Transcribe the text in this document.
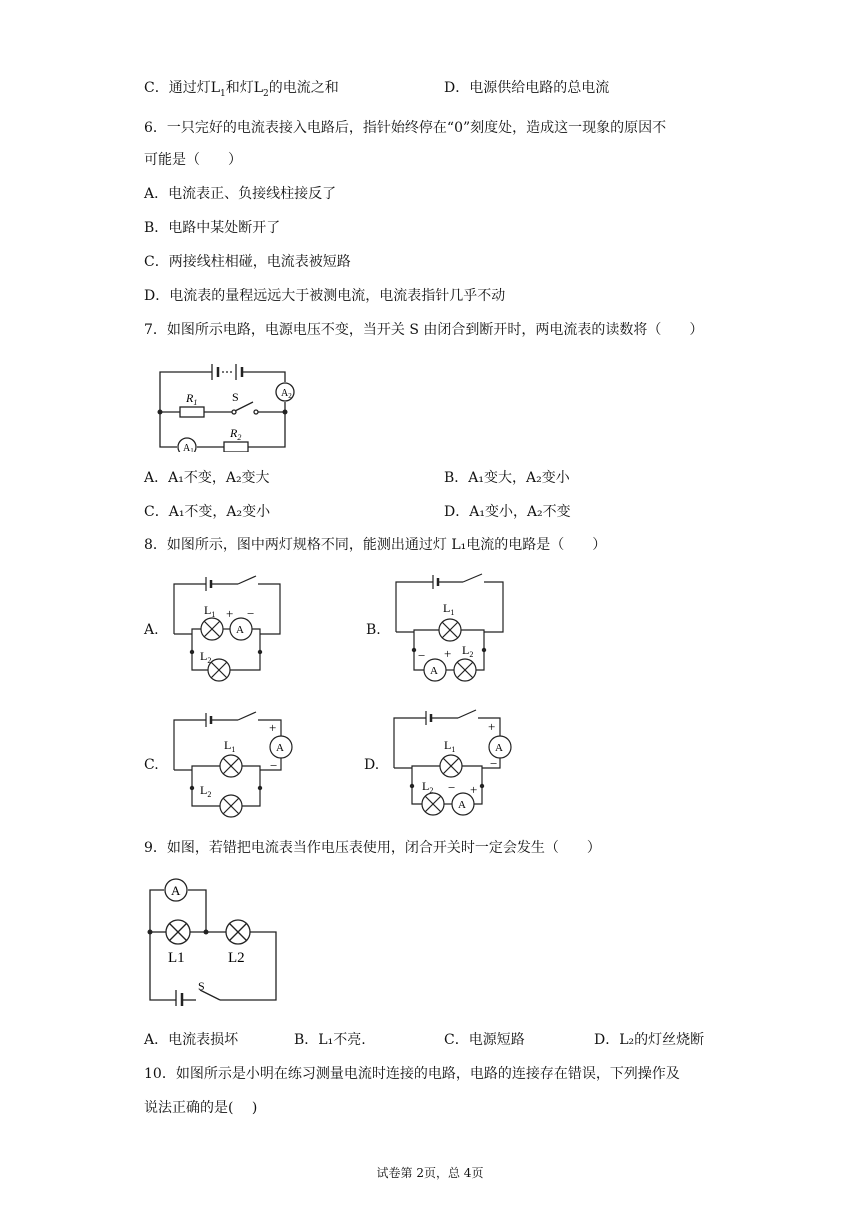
C．通过灯$L_1$和灯$L_2$的电流之和	D．电源供给电路的总电流
6．一只完好的电流表接入电路后，指针始终停在“0”刻度处，造成这一现象的原因不
可能是（　　）
A．电流表正、负接线柱接反了
B．电路中某处断开了
C．两接线柱相碰，电流表被短路
D．电流表的量程远远大于被测电流，电流表指针几乎不动
7．如图所示电路，电源电压不变，当开关 S 由闭合到断开时，两电流表的读数将（　　）
$R_1$	S
$R_2$
$A_2$
$A_1$
A．A₁不变，A₂变大	B．A₁变大，A₂变小
C．A₁不变，A₂变小	D．A₁变小，A₂不变
8．如图所示，图中两灯规格不同，能测出通过灯 L₁电流的电路是（　　）
A.	A
$L_1$ + −
$L_2$
B.
A
$L_1$
− + $L_2$
C.
A
+
−
$L_1$
$L_2$
D.
A
A
+
−
$L_1$
$L_2$ − +
9．如图，若错把电流表当作电压表使用，闭合开关时一定会发生（　　）
A
L1	L2
S
A．电流表损坏	B．L₁不亮.	C．电源短路	D．L₂的灯丝烧断
10．如图所示是小明在练习测量电流时连接的电路，电路的连接存在错误，下列操作及
说法正确的是(　 )
试卷第 2页，总 4页
